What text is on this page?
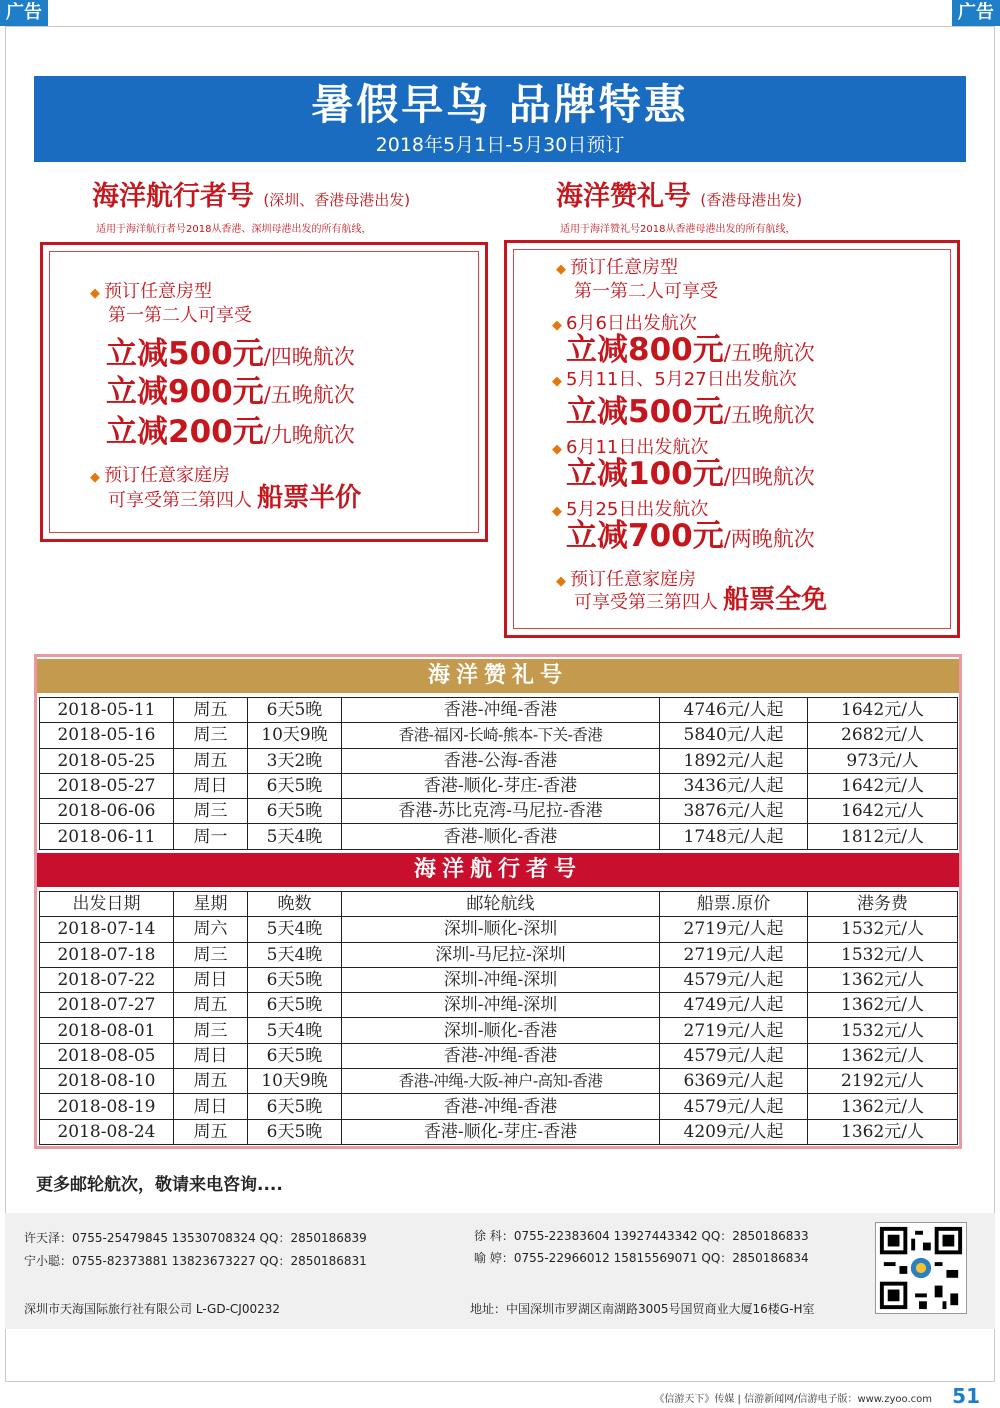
广告	广告
暑假早鸟 品牌特惠
2018年5月1日-5月30日预订
海洋航行者号 (深圳、香港母港出发)
适用于海洋航行者号2018从香港、深圳母港出发的所有航线，
◆ 预订任意房型
第一第二人可享受
立减500元/四晚航次
立减900元/五晚航次
立减200元/九晚航次
◆ 预订任意家庭房
可享受第三第四人 船票半价
海洋赞礼号 (香港母港出发)
适用于海洋赞礼号2018从香港母港出发的所有航线，
◆ 预订任意房型
第一第二人可享受
◆ 6月6日出发航次
立减800元/五晚航次
◆ 5月11日、5月27日出发航次
立减500元/五晚航次
◆ 6月11日出发航次
立减100元/四晚航次
◆ 5月25日出发航次
立减700元/两晚航次
◆ 预订任意家庭房
可享受第三第四人 船票全免
海洋赞礼号
2018-05-11	周五	6天5晚	香港-冲绳-香港	4746元/人起	1642元/人
2018-05-16	周三	10天9晚	香港-福冈-长崎-熊本-下关-香港	5840元/人起	2682元/人
2018-05-25	周五	3天2晚	香港-公海-香港	1892元/人起	973元/人
2018-05-27	周日	6天5晚	香港-顺化-芽庄-香港	3436元/人起	1642元/人
2018-06-06	周三	6天5晚	香港-苏比克湾-马尼拉-香港	3876元/人起	1642元/人
2018-06-11	周一	5天4晚	香港-顺化-香港	1748元/人起	1812元/人
海洋航行者号
出发日期	星期	晚数	邮轮航线	船票.原价	港务费
2018-07-14	周六	5天4晚	深圳-顺化-深圳	2719元/人起	1532元/人
2018-07-18	周三	5天4晚	深圳-马尼拉-深圳	2719元/人起	1532元/人
2018-07-22	周日	6天5晚	深圳-冲绳-深圳	4579元/人起	1362元/人
2018-07-27	周五	6天5晚	深圳-冲绳-深圳	4749元/人起	1362元/人
2018-08-01	周三	5天4晚	深圳-顺化-香港	2719元/人起	1532元/人
2018-08-05	周日	6天5晚	香港-冲绳-香港	4579元/人起	1362元/人
2018-08-10	周五	10天9晚	香港-冲绳-大阪-神户-高知-香港	6369元/人起	2192元/人
2018-08-19	周日	6天5晚	香港-冲绳-香港	4579元/人起	1362元/人
2018-08-24	周五	6天5晚	香港-顺化-芽庄-香港	4209元/人起	1362元/人
更多邮轮航次，敬请来电咨询....
许天泽：0755-25479845 13530708324 QQ：2850186839
宁小聪：0755-82373881 13823673227 QQ：2850186831
徐 科：0755-22383604 13927443342 QQ：2850186833
喻 婷：0755-22966012 15815569071 QQ：2850186834
深圳市天海国际旅行社有限公司 L-GD-CJ00232	地址：中国深圳市罗湖区南湖路3005号国贸商业大厦16楼G-H室
《信游天下》传媒 | 信游新闻网/信游电子版：www.zyoo.com 51
